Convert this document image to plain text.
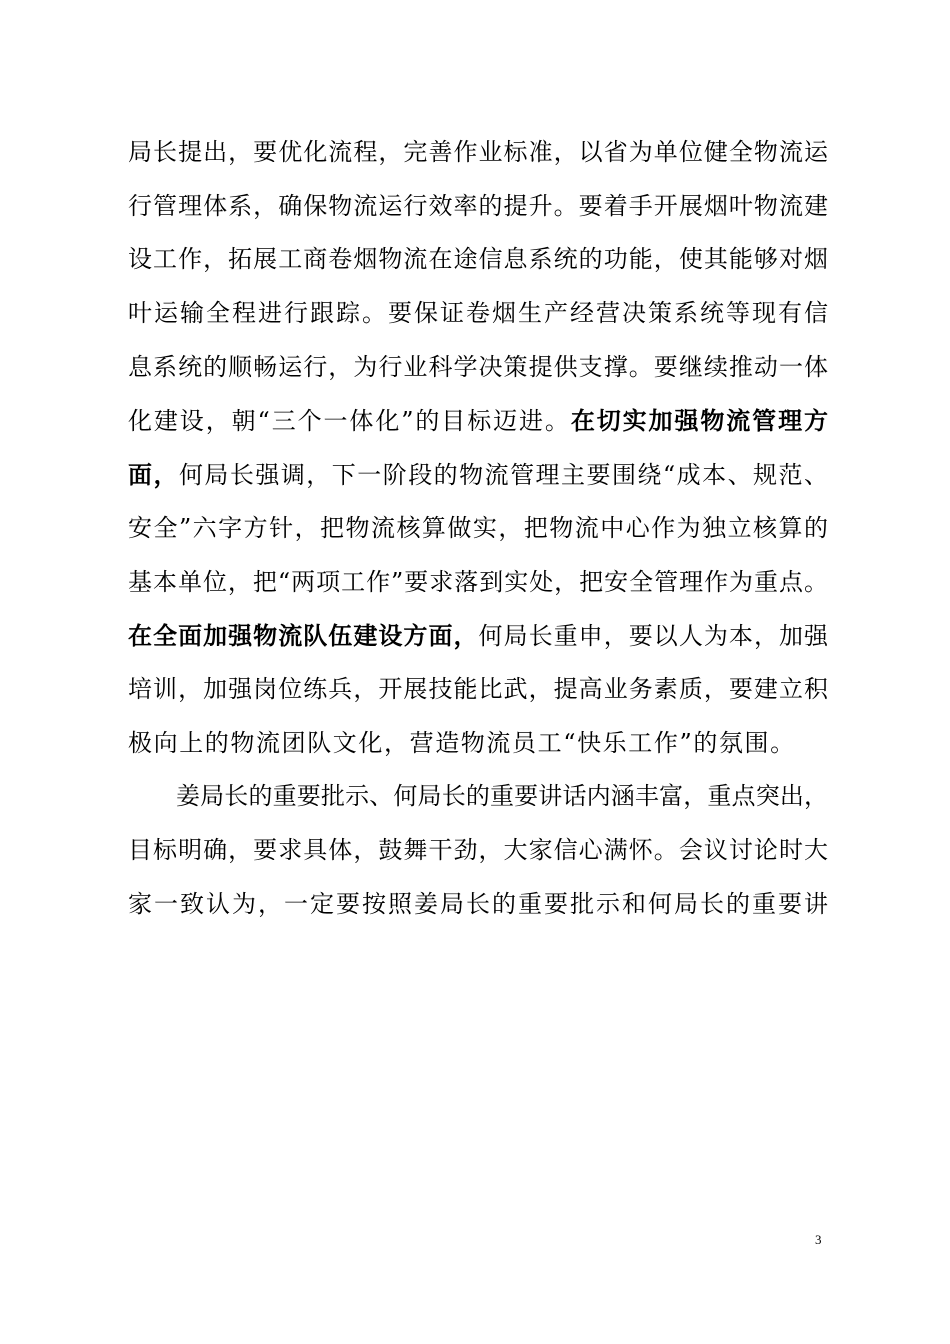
局长提出，要优化流程，完善作业标准，以省为单位健全物流运
行管理体系，确保物流运行效率的提升。要着手开展烟叶物流建
设工作，拓展工商卷烟物流在途信息系统的功能，使其能够对烟
叶运输全程进行跟踪。要保证卷烟生产经营决策系统等现有信
息系统的顺畅运行，为行业科学决策提供支撑。要继续推动一体
化建设，朝“三个一体化”的目标迈进。在切实加强物流管理方
面，何局长强调，下一阶段的物流管理主要围绕“成本、规范、
安全”六字方针，把物流核算做实，把物流中心作为独立核算的
基本单位，把“两项工作”要求落到实处，把安全管理作为重点。
在全面加强物流队伍建设方面，何局长重申，要以人为本，加强
培训，加强岗位练兵，开展技能比武，提高业务素质，要建立积
极向上的物流团队文化，营造物流员工“快乐工作”的氛围。
姜局长的重要批示、何局长的重要讲话内涵丰富，重点突出，
目标明确，要求具体，鼓舞干劲，大家信心满怀。会议讨论时大
家一致认为，一定要按照姜局长的重要批示和何局长的重要讲
3
